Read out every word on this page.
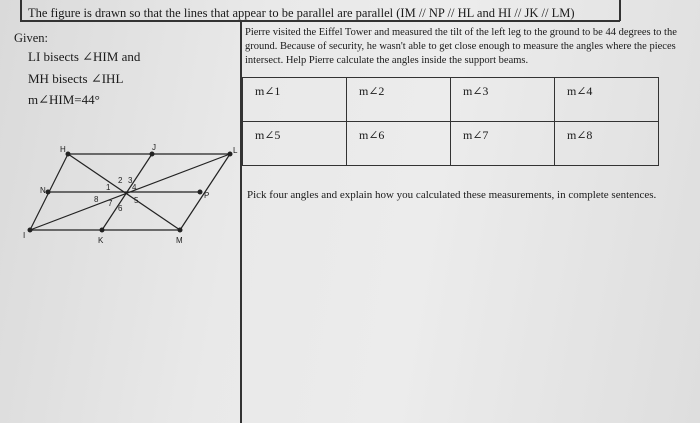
The figure is drawn so that the lines that appear to be parallel are parallel (IM // NP // HL and HI // JK // LM)
Given:
LI bisects ∠HIM and
MH bisects ∠IHL
m∠HIM=44°
Pierre visited the Eiffel Tower and measured the tilt of the left leg to the ground to be 44 degrees to the ground. Because of security, he wasn't able to get close enough to measure the angles where the pieces intersect. Help Pierre calculate the angles inside the support beams.
m∠1	m∠2	m∠3	m∠4
m∠5	m∠6	m∠7	m∠8
Pick four angles and explain how you calculated these measurements, in complete sentences.
H	J	L
N
P
I
K	M
1
2 3
4
5
6
7
8
